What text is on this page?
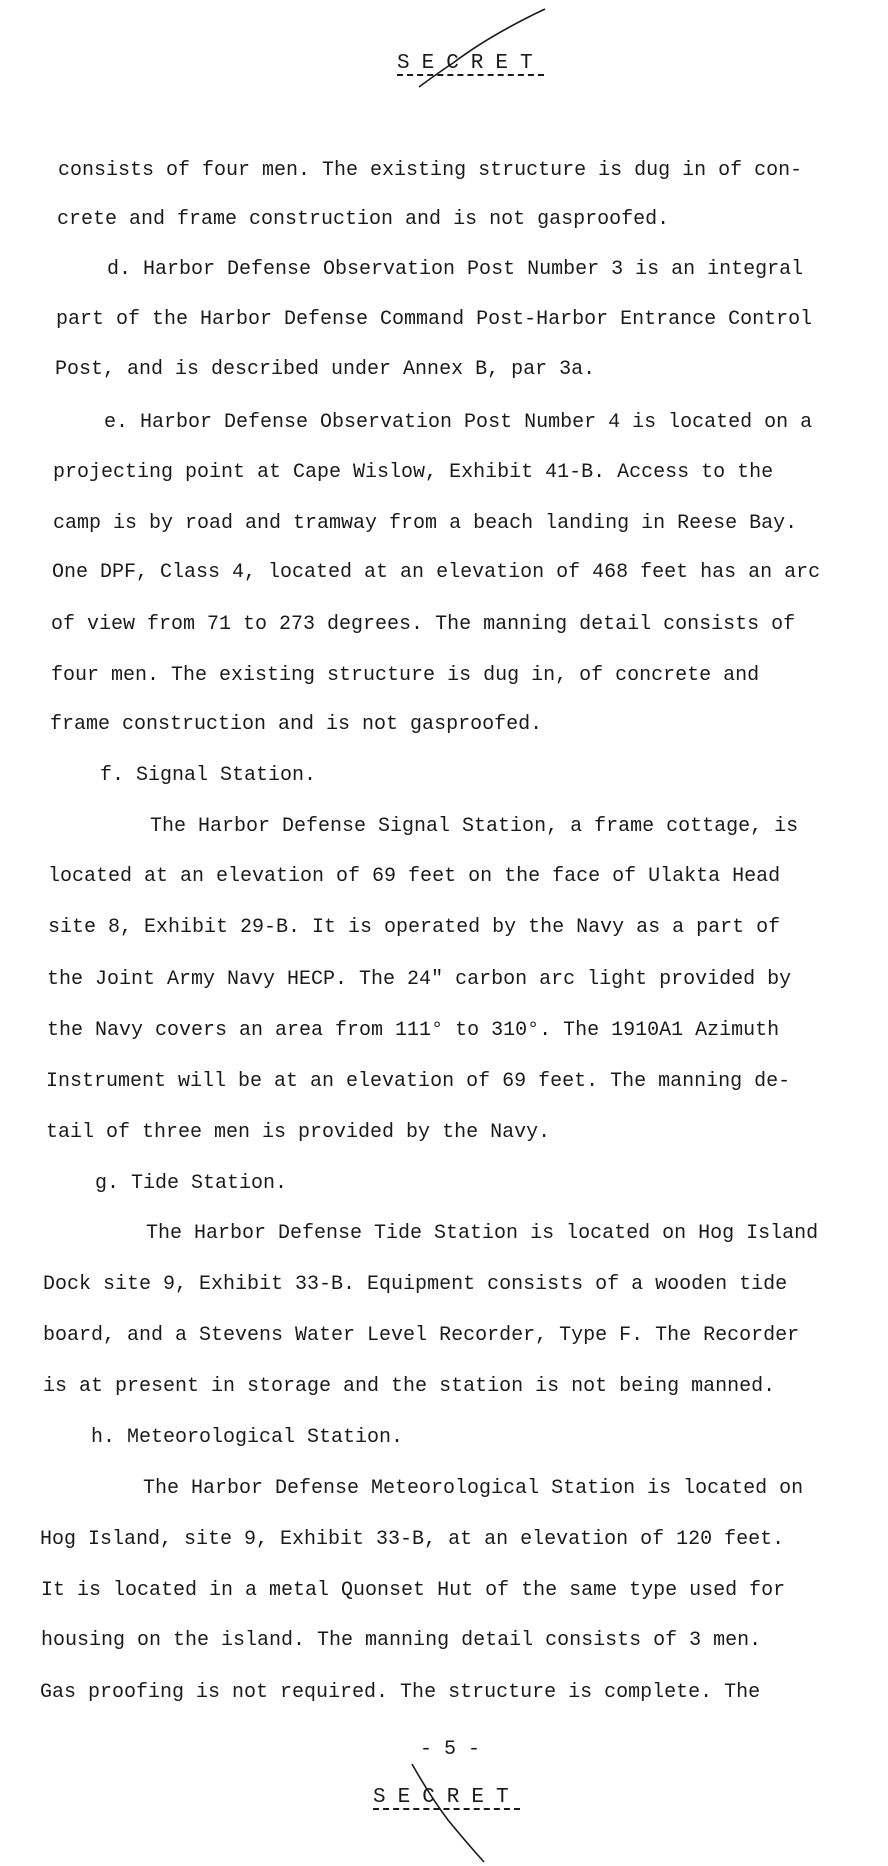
SECRET
consists of four men. The existing structure is dug in of con-
crete and frame construction and is not gasproofed.
d. Harbor Defense Observation Post Number 3 is an integral
part of the Harbor Defense Command Post-Harbor Entrance Control
Post, and is described under Annex B, par 3a.
e. Harbor Defense Observation Post Number 4 is located on a
projecting point at Cape Wislow, Exhibit 41-B. Access to the
camp is by road and tramway from a beach landing in Reese Bay.
One DPF, Class 4, located at an elevation of 468 feet has an arc
of view from 71 to 273 degrees. The manning detail consists of
four men. The existing structure is dug in, of concrete and
frame construction and is not gasproofed.
f. Signal Station.
The Harbor Defense Signal Station, a frame cottage, is
located at an elevation of 69 feet on the face of Ulakta Head
site 8, Exhibit 29-B. It is operated by the Navy as a part of
the Joint Army Navy HECP. The 24" carbon arc light provided by
the Navy covers an area from 111° to 310°. The 1910A1 Azimuth
Instrument will be at an elevation of 69 feet. The manning de-
tail of three men is provided by the Navy.
g. Tide Station.
The Harbor Defense Tide Station is located on Hog Island
Dock site 9, Exhibit 33-B. Equipment consists of a wooden tide
board, and a Stevens Water Level Recorder, Type F. The Recorder
is at present in storage and the station is not being manned.
h. Meteorological Station.
The Harbor Defense Meteorological Station is located on
Hog Island, site 9, Exhibit 33-B, at an elevation of 120 feet.
It is located in a metal Quonset Hut of the same type used for
housing on the island. The manning detail consists of 3 men.
Gas proofing is not required. The structure is complete. The
- 5 -
SECRET
